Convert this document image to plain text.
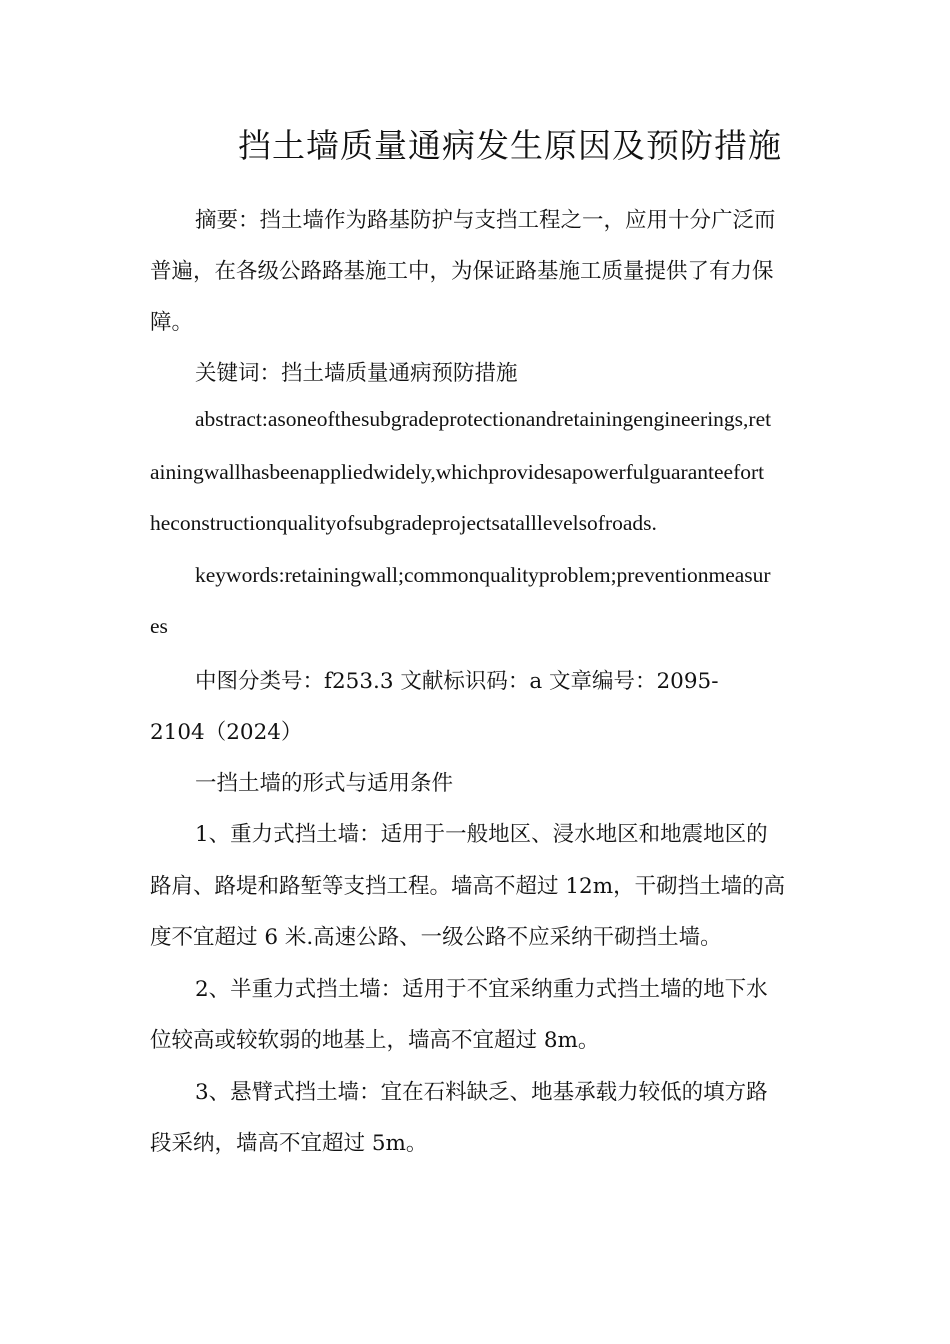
挡土墙质量通病发生原因及预防措施
摘要：挡土墙作为路基防护与支挡工程之一，应用十分广泛而
普遍，在各级公路路基施工中，为保证路基施工质量提供了有力保
障。
关键词：挡土墙质量通病预防措施
abstract:asoneofthesubgradeprotectionandretainingengineerings,ret
ainingwallhasbeenappliedwidely,whichprovidesapowerfulguaranteefort
heconstructionqualityofsubgradeprojectsatalllevelsofroads.
keywords:retainingwall;commonqualityproblem;preventionmeasur
es
中图分类号：f253.3 文献标识码：a 文章编号：2095-
2104（2024）
一挡土墙的形式与适用条件
1、重力式挡土墙：适用于一般地区、浸水地区和地震地区的
路肩、路堤和路堑等支挡工程。墙高不超过 12m，干砌挡土墙的高
度不宜超过 6 米.高速公路、一级公路不应采纳干砌挡土墙。
2、半重力式挡土墙：适用于不宜采纳重力式挡土墙的地下水
位较高或较软弱的地基上，墙高不宜超过 8m。
3、悬臂式挡土墙：宜在石料缺乏、地基承载力较低的填方路
段采纳，墙高不宜超过 5m。
